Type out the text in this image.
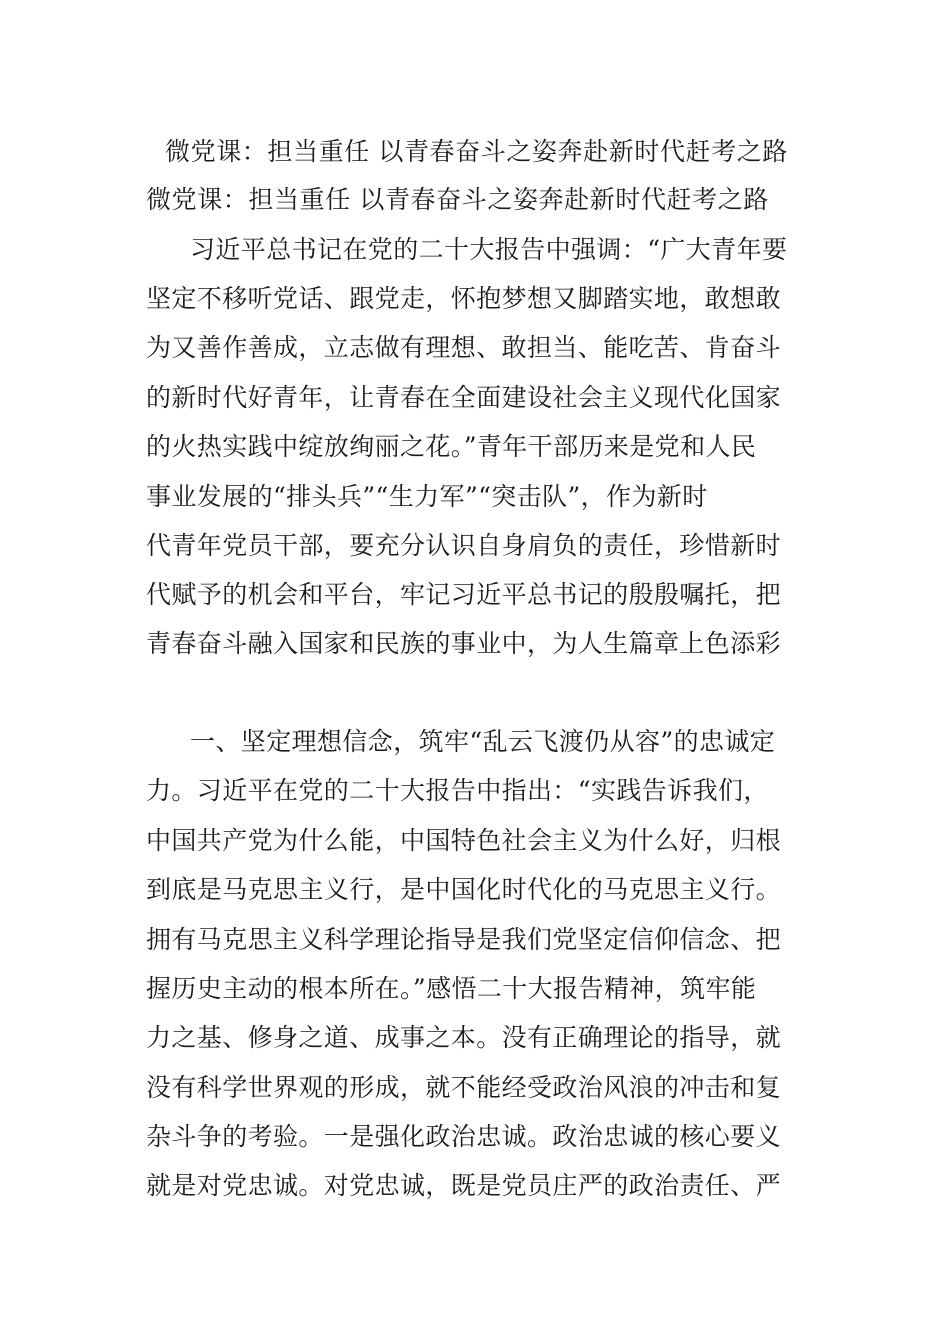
微党课：担当重任 以青春奋斗之姿奔赴新时代赶考之路
微党课：担当重任 以青春奋斗之姿奔赴新时代赶考之路
习近平总书记在党的二十大报告中强调：“广大青年要
坚定不移听党话、跟党走，怀抱梦想又脚踏实地，敢想敢
为又善作善成，立志做有理想、敢担当、能吃苦、肯奋斗
的新时代好青年，让青春在全面建设社会主义现代化国家
的火热实践中绽放绚丽之花。”青年干部历来是党和人民
事业发展的“排头兵”“生力军”“突击队”，作为新时
代青年党员干部，要充分认识自身肩负的责任，珍惜新时
代赋予的机会和平台，牢记习近平总书记的殷殷嘱托，把
青春奋斗融入国家和民族的事业中，为人生篇章上色添彩
一、坚定理想信念，筑牢“乱云飞渡仍从容”的忠诚定
力。习近平在党的二十大报告中指出：“实践告诉我们，
中国共产党为什么能，中国特色社会主义为什么好，归根
到底是马克思主义行，是中国化时代化的马克思主义行。
拥有马克思主义科学理论指导是我们党坚定信仰信念、把
握历史主动的根本所在。”感悟二十大报告精神，筑牢能
力之基、修身之道、成事之本。没有正确理论的指导，就
没有科学世界观的形成，就不能经受政治风浪的冲击和复
杂斗争的考验。一是强化政治忠诚。政治忠诚的核心要义
就是对党忠诚。对党忠诚，既是党员庄严的政治责任、严
